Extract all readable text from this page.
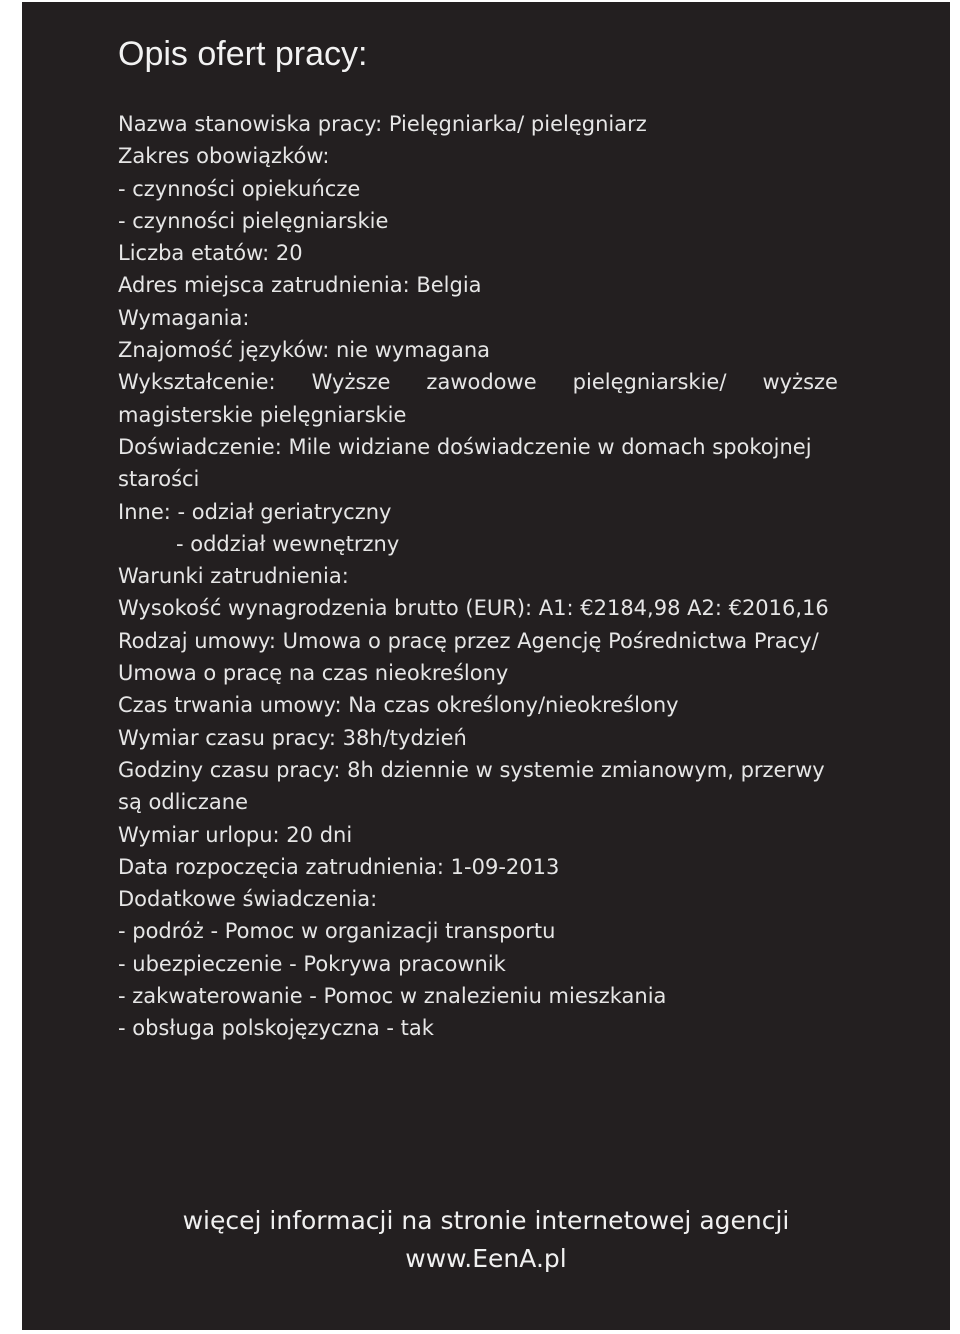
Opis ofert pracy:
Nazwa stanowiska pracy: Pielęgniarka/ pielęgniarz
Zakres obowiązków:
- czynności opiekuńcze
- czynności pielęgniarskie
Liczba etatów: 20
Adres miejsca zatrudnienia: Belgia
Wymagania:
Znajomość języków: nie wymagana
Wykształcenie: Wyższe zawodowe pielęgniarskie/ wyższe
magisterskie pielęgniarskie
Doświadczenie: Mile widziane doświadczenie w domach spokojnej
starości
Inne: - odział geriatryczny
- oddział wewnętrzny
Warunki zatrudnienia:
Wysokość wynagrodzenia brutto (EUR): A1: €2184,98 A2: €2016,16
Rodzaj umowy: Umowa o pracę przez Agencję Pośrednictwa Pracy/
Umowa o pracę na czas nieokreślony
Czas trwania umowy: Na czas określony/nieokreślony
Wymiar czasu pracy: 38h/tydzień
Godziny czasu pracy: 8h dziennie w systemie zmianowym, przerwy
są odliczane
Wymiar urlopu: 20 dni
Data rozpoczęcia zatrudnienia: 1-09-2013
Dodatkowe świadczenia:
- podróż - Pomoc w organizacji transportu
- ubezpieczenie - Pokrywa pracownik
- zakwaterowanie - Pomoc w znalezieniu mieszkania
- obsługa polskojęzyczna - tak
więcej informacji na stronie internetowej agencji
www.EenA.pl
